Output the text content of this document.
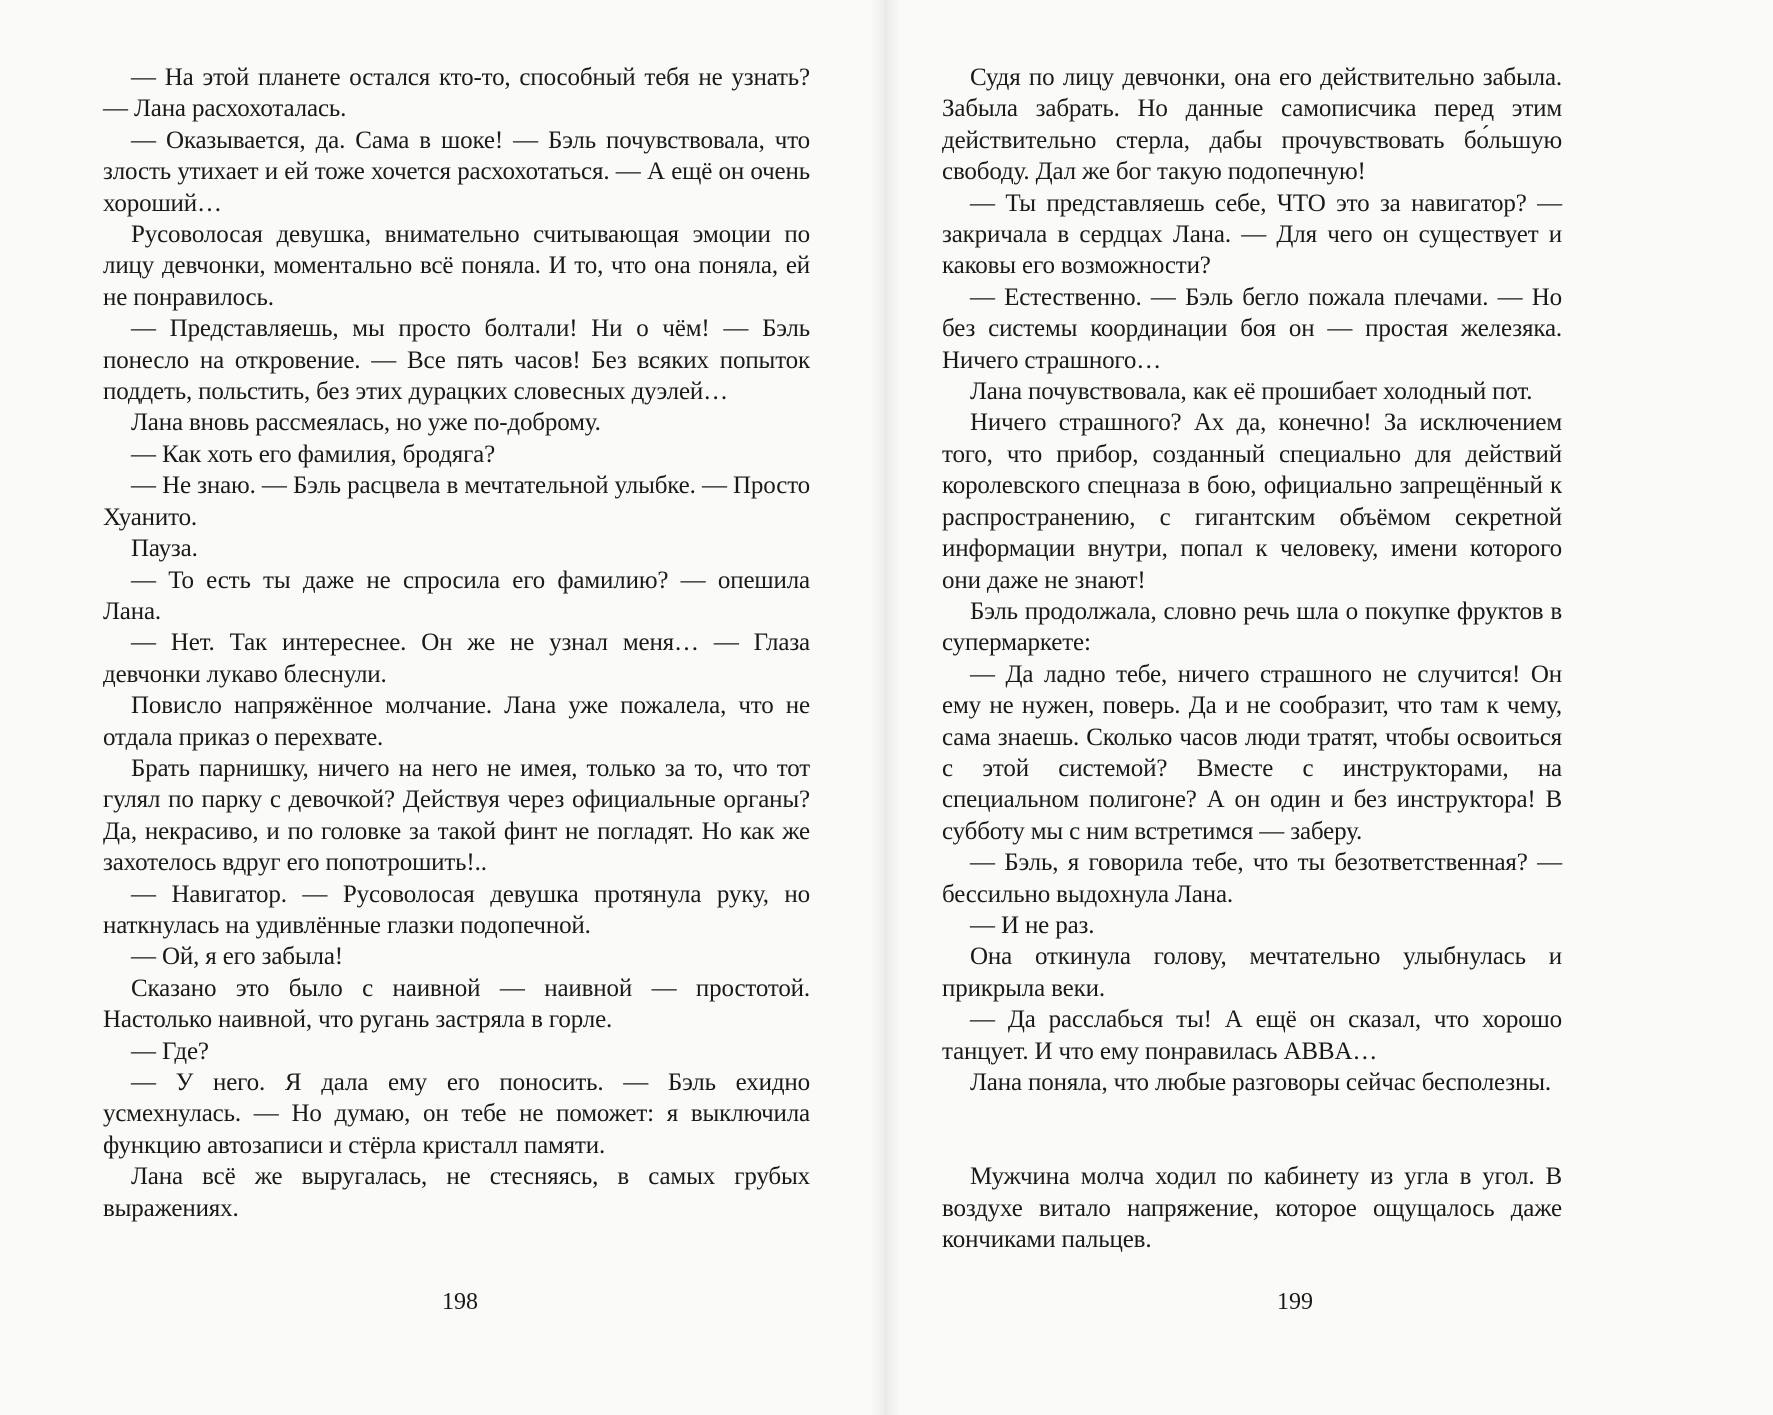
— На этой планете остался кто-то, способный тебя не узнать? — Лана расхохоталась.

— Оказывается, да. Сама в шоке! — Бэль почувствовала, что злость утихает и ей тоже хочется расхохотаться. — А ещё он очень хороший…

Русоволосая девушка, внимательно считывающая эмоции по лицу девчонки, моментально всё поняла. И то, что она поняла, ей не понравилось.

— Представляешь, мы просто болтали! Ни о чём! — Бэль понесло на откровение. — Все пять часов! Без всяких попыток поддеть, польстить, без этих дурацких словесных дуэлей…

Лана вновь рассмеялась, но уже по-доброму.

— Как хоть его фамилия, бродяга?

— Не знаю. — Бэль расцвела в мечтательной улыбке. — Просто Хуанито.

Пауза.

— То есть ты даже не спросила его фамилию? — опешила Лана.

— Нет. Так интереснее. Он же не узнал меня… — Глаза девчонки лукаво блеснули.

Повисло напряжённое молчание. Лана уже пожалела, что не отдала приказ о перехвате.

Брать парнишку, ничего на него не имея, только за то, что тот гулял по парку с девочкой? Действуя через официальные органы? Да, некрасиво, и по головке за такой финт не погладят. Но как же захотелось вдруг его попотрошить!..

— Навигатор. — Русоволосая девушка протянула руку, но наткнулась на удивлённые глазки подопечной.

— Ой, я его забыла!

Сказано это было с наивной — наивной — простотой. Настолько наивной, что ругань застряла в горле.

— Где?

— У него. Я дала ему его поносить. — Бэль ехидно усмехнулась. — Но думаю, он тебе не поможет: я выключила функцию автозаписи и стёрла кристалл памяти.

Лана всё же выругалась, не стесняясь, в самых грубых выражениях.

198

Судя по лицу девчонки, она его действительно забыла. Забыла забрать. Но данные самописчика перед этим действительно стерла, дабы прочувствовать бо́льшую свободу. Дал же бог такую подопечную!

— Ты представляешь себе, ЧТО это за навигатор? — закричала в сердцах Лана. — Для чего он существует и каковы его возможности?

— Естественно. — Бэль бегло пожала плечами. — Но без системы координации боя он — простая железяка. Ничего страшного…

Лана почувствовала, как её прошибает холодный пот.

Ничего страшного? Ах да, конечно! За исключением того, что прибор, созданный специально для действий королевского спецназа в бою, официально запрещённый к распространению, с гигантским объёмом секретной информации внутри, попал к человеку, имени которого они даже не знают!

Бэль продолжала, словно речь шла о покупке фруктов в супермаркете:

— Да ладно тебе, ничего страшного не случится! Он ему не нужен, поверь. Да и не сообразит, что там к чему, сама знаешь. Сколько часов люди тратят, чтобы освоиться с этой системой? Вместе с инструкторами, на специальном полигоне? А он один и без инструктора! В субботу мы с ним встретимся — заберу.

— Бэль, я говорила тебе, что ты безответственная? — бессильно выдохнула Лана.

— И не раз.

Она откинула голову, мечтательно улыбнулась и прикрыла веки.

— Да расслабься ты! А ещё он сказал, что хорошо танцует. И что ему понравилась ABBA…

Лана поняла, что любые разговоры сейчас бесполезны.

Мужчина молча ходил по кабинету из угла в угол. В воздухе витало напряжение, которое ощущалось даже кончиками пальцев.

199
